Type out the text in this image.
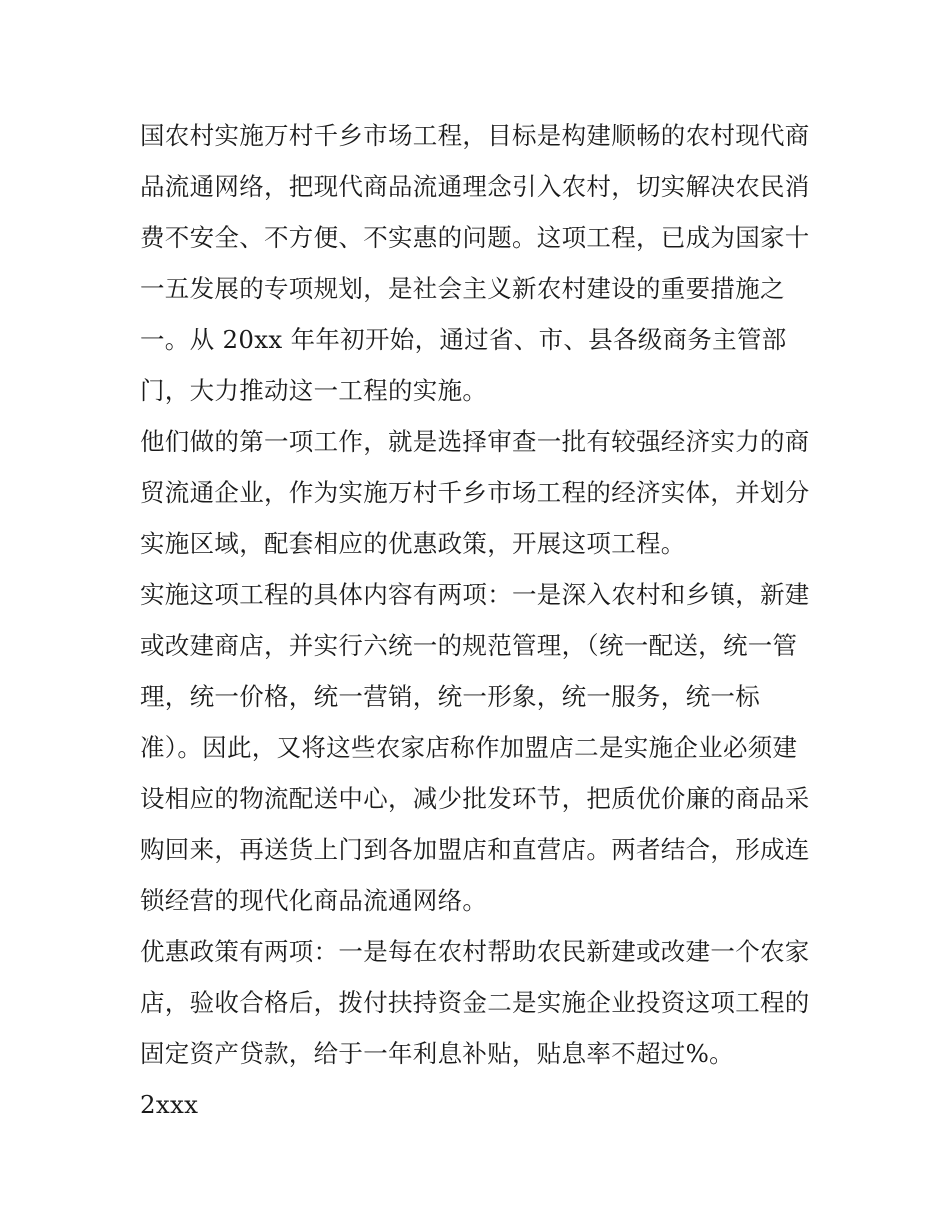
国农村实施万村千乡市场工程，目标是构建顺畅的农村现代商
品流通网络，把现代商品流通理念引入农村，切实解决农民消
费不安全、不方便、不实惠的问题。这项工程，已成为国家十
一五发展的专项规划，是社会主义新农村建设的重要措施之
一。从 20xx 年年初开始，通过省、市、县各级商务主管部
门，大力推动这一工程的实施。
他们做的第一项工作，就是选择审查一批有较强经济实力的商
贸流通企业，作为实施万村千乡市场工程的经济实体，并划分
实施区域，配套相应的优惠政策，开展这项工程。
实施这项工程的具体内容有两项：一是深入农村和乡镇，新建
或改建商店，并实行六统一的规范管理，（统一配送，统一管
理，统一价格，统一营销，统一形象，统一服务，统一标
准）。因此，又将这些农家店称作加盟店二是实施企业必须建
设相应的物流配送中心，减少批发环节，把质优价廉的商品采
购回来，再送货上门到各加盟店和直营店。两者结合，形成连
锁经营的现代化商品流通网络。
优惠政策有两项：一是每在农村帮助农民新建或改建一个农家
店，验收合格后，拨付扶持资金二是实施企业投资这项工程的
固定资产贷款，给于一年利息补贴，贴息率不超过%。
2xxx
